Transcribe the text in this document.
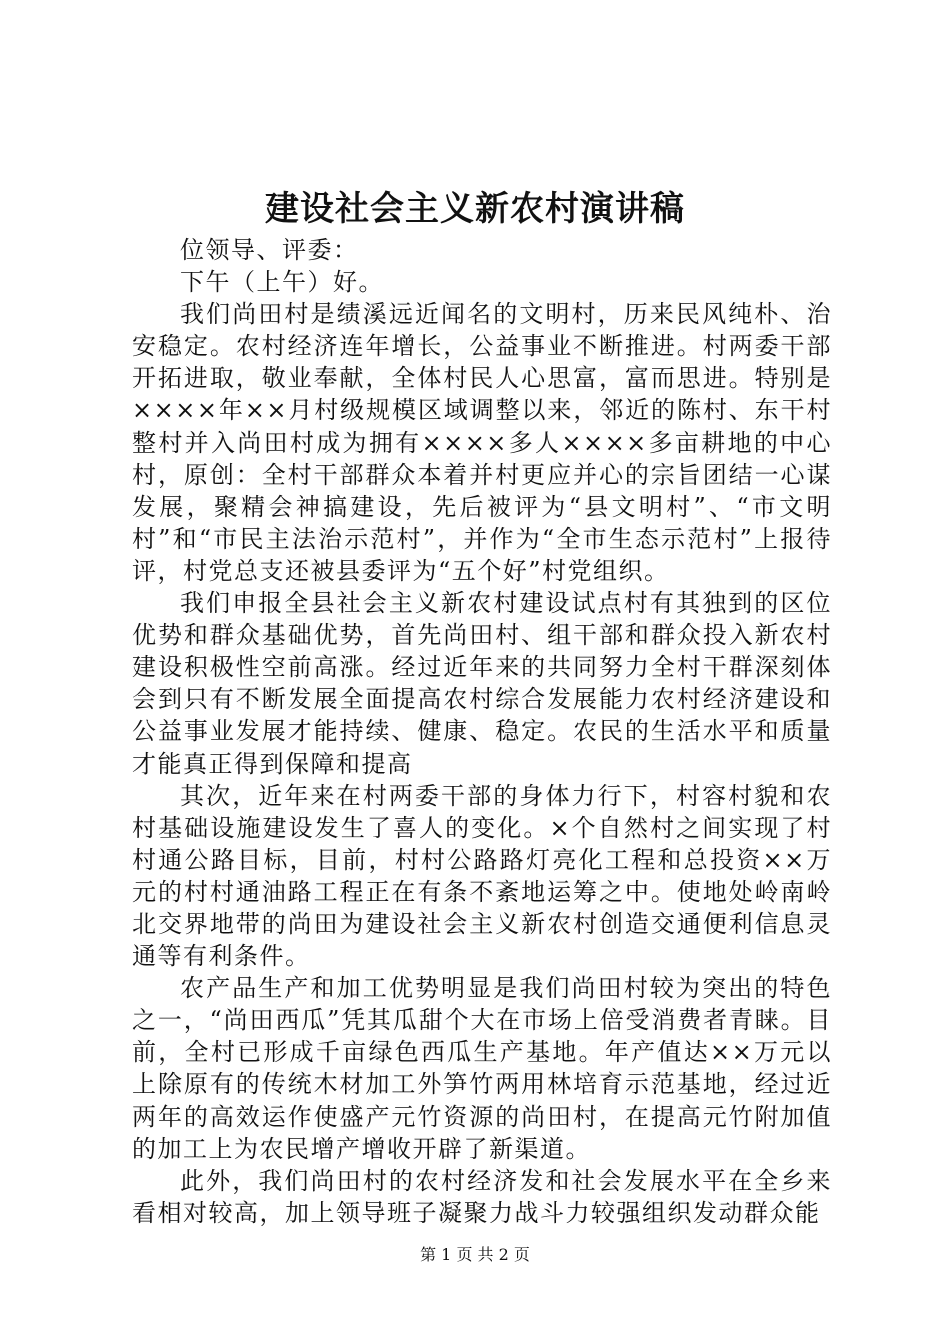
建设社会主义新农村演讲稿

位领导、评委：

下午（上午）好。

我们尚田村是绩溪远近闻名的文明村，历来民风纯朴、治安稳定。农村经济连年增长，公益事业不断推进。村两委干部开拓进取，敬业奉献，全体村民人心思富，富而思进。特别是××××年××月村级规模区域调整以来，邻近的陈村、东干村整村并入尚田村成为拥有××××多人××××多亩耕地的中心村，原创：全村干部群众本着并村更应并心的宗旨团结一心谋发展，聚精会神搞建设，先后被评为“县文明村”、“市文明村”和“市民主法治示范村”，并作为“全市生态示范村”上报待评，村党总支还被县委评为“五个好”村党组织。

我们申报全县社会主义新农村建设试点村有其独到的区位优势和群众基础优势，首先尚田村、组干部和群众投入新农村建设积极性空前高涨。经过近年来的共同努力全村干群深刻体会到只有不断发展全面提高农村综合发展能力农村经济建设和公益事业发展才能持续、健康、稳定。农民的生活水平和质量才能真正得到保障和提高

其次，近年来在村两委干部的身体力行下，村容村貌和农村基础设施建设发生了喜人的变化。×个自然村之间实现了村村通公路目标，目前，村村公路路灯亮化工程和总投资××万元的村村通油路工程正在有条不紊地运筹之中。使地处岭南岭北交界地带的尚田为建设社会主义新农村创造交通便利信息灵通等有利条件。

农产品生产和加工优势明显是我们尚田村较为突出的特色之一，“尚田西瓜”凭其瓜甜个大在市场上倍受消费者青睐。目前，全村已形成千亩绿色西瓜生产基地。年产值达××万元以上除原有的传统木材加工外笋竹两用林培育示范基地，经过近两年的高效运作使盛产元竹资源的尚田村，在提高元竹附加值的加工上为农民增产增收开辟了新渠道。

此外，我们尚田村的农村经济发和社会发展水平在全乡来看相对较高，加上领导班子凝聚力战斗力较强组织发动群众能

第 1 页 共 2 页
